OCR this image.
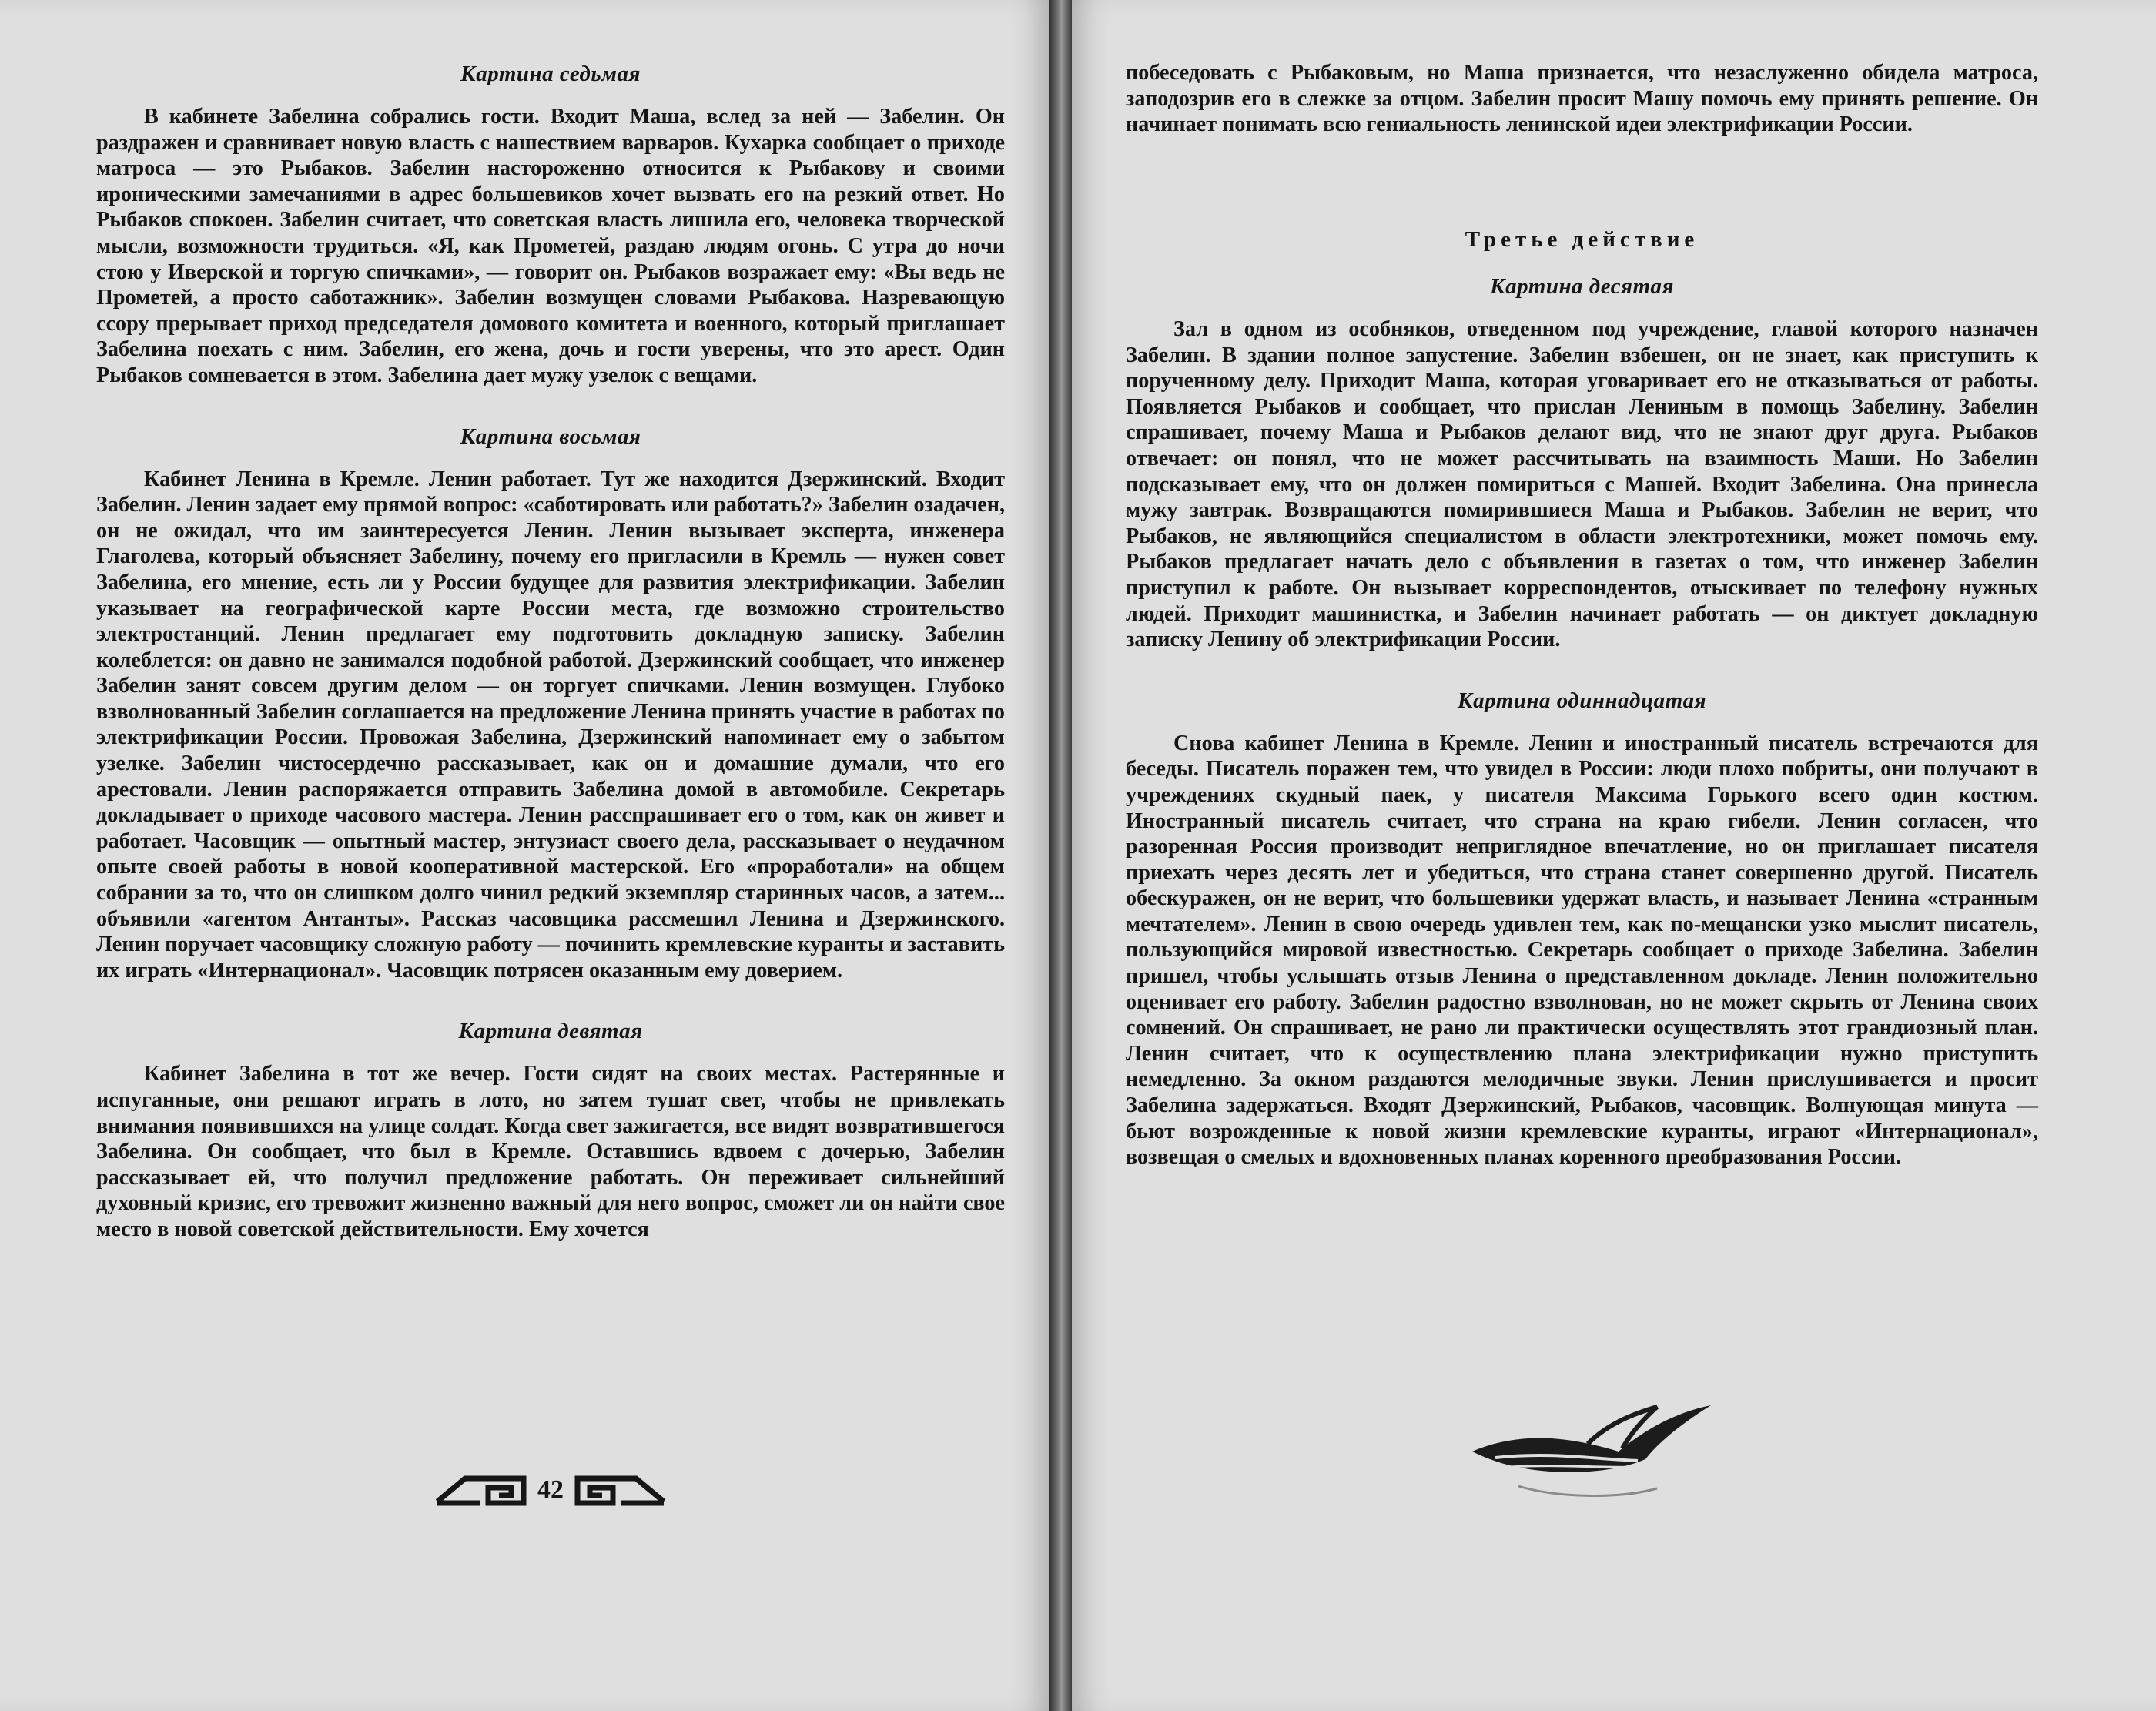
Картина седьмая
В кабинете Забелина собрались гости. Входит Маша, вслед за ней — Забелин. Он раздражен и сравнивает новую власть с нашествием варваров. Кухарка сообщает о приходе матроса — это Рыбаков. Забелин настороженно относится к Рыбакову и своими ироническими замечаниями в адрес большевиков хочет вызвать его на резкий ответ. Но Рыбаков спокоен. Забелин считает, что советская власть лишила его, человека творческой мысли, возможности трудиться. «Я, как Прометей, раздаю людям огонь. С утра до ночи стою у Иверской и торгую спичками», — говорит он. Рыбаков возражает ему: «Вы ведь не Прометей, а просто саботажник». Забелин возмущен словами Рыбакова. Назревающую ссору прерывает приход председателя домового комитета и военного, который приглашает Забелина поехать с ним. Забелин, его жена, дочь и гости уверены, что это арест. Один Рыбаков сомневается в этом. Забелина дает мужу узелок с вещами.
Картина восьмая
Кабинет Ленина в Кремле. Ленин работает. Тут же находится Дзержинский. Входит Забелин. Ленин задает ему прямой вопрос: «саботировать или работать?» Забелин озадачен, он не ожидал, что им заинтересуется Ленин. Ленин вызывает эксперта, инженера Глаголева, который объясняет Забелину, почему его пригласили в Кремль — нужен совет Забелина, его мнение, есть ли у России будущее для развития электрификации. Забелин указывает на географической карте России места, где возможно строительство электростанций. Ленин предлагает ему подготовить докладную записку. Забелин колеблется: он давно не занимался подобной работой. Дзержинский сообщает, что инженер Забелин занят совсем другим делом — он торгует спичками. Ленин возмущен. Глубоко взволнованный Забелин соглашается на предложение Ленина принять участие в работах по электрификации России. Провожая Забелина, Дзержинский напоминает ему о забытом узелке. Забелин чистосердечно рассказывает, как он и домашние думали, что его арестовали. Ленин распоряжается отправить Забелина домой в автомобиле. Секретарь докладывает о приходе часового мастера. Ленин расспрашивает его о том, как он живет и работает. Часовщик — опытный мастер, энтузиаст своего дела, рассказывает о неудачном опыте своей работы в новой кооперативной мастерской. Его «проработали» на общем собрании за то, что он слишком долго чинил редкий экземпляр старинных часов, а затем... объявили «агентом Антанты». Рассказ часовщика рассмешил Ленина и Дзержинского. Ленин поручает часовщику сложную работу — починить кремлевские куранты и заставить их играть «Интернационал». Часовщик потрясен оказанным ему доверием.
Картина девятая
Кабинет Забелина в тот же вечер. Гости сидят на своих местах. Растерянные и испуганные, они решают играть в лото, но затем тушат свет, чтобы не привлекать внимания появившихся на улице солдат. Когда свет зажигается, все видят возвратившегося Забелина. Он сообщает, что был в Кремле. Оставшись вдвоем с дочерью, Забелин рассказывает ей, что получил предложение работать. Он переживает сильнейший духовный кризис, его тревожит жизненно важный для него вопрос, сможет ли он найти свое место в новой советской действительности. Ему хочется
42
побеседовать с Рыбаковым, но Маша признается, что незаслуженно обидела матроса, заподозрив его в слежке за отцом. Забелин просит Машу помочь ему принять решение. Он начинает понимать всю гениальность ленинской идеи электрификации России.
Третье действие
Картина десятая
Зал в одном из особняков, отведенном под учреждение, главой которого назначен Забелин. В здании полное запустение. Забелин взбешен, он не знает, как приступить к порученному делу. Приходит Маша, которая уговаривает его не отказываться от работы. Появляется Рыбаков и сообщает, что прислан Лениным в помощь Забелину. Забелин спрашивает, почему Маша и Рыбаков делают вид, что не знают друг друга. Рыбаков отвечает: он понял, что не может рассчитывать на взаимность Маши. Но Забелин подсказывает ему, что он должен помириться с Машей. Входит Забелина. Она принесла мужу завтрак. Возвращаются помирившиеся Маша и Рыбаков. Забелин не верит, что Рыбаков, не являющийся специалистом в области электротехники, может помочь ему. Рыбаков предлагает начать дело с объявления в газетах о том, что инженер Забелин приступил к работе. Он вызывает корреспондентов, отыскивает по телефону нужных людей. Приходит машинистка, и Забелин начинает работать — он диктует докладную записку Ленину об электрификации России.
Картина одиннадцатая
Снова кабинет Ленина в Кремле. Ленин и иностранный писатель встречаются для беседы. Писатель поражен тем, что увидел в России: люди плохо побриты, они получают в учреждениях скудный паек, у писателя Максима Горького всего один костюм. Иностранный писатель считает, что страна на краю гибели. Ленин согласен, что разоренная Россия производит неприглядное впечатление, но он приглашает писателя приехать через десять лет и убедиться, что страна станет совершенно другой. Писатель обескуражен, он не верит, что большевики удержат власть, и называет Ленина «странным мечтателем». Ленин в свою очередь удивлен тем, как по-мещански узко мыслит писатель, пользующийся мировой известностью. Секретарь сообщает о приходе Забелина. Забелин пришел, чтобы услышать отзыв Ленина о представленном докладе. Ленин положительно оценивает его работу. Забелин радостно взволнован, но не может скрыть от Ленина своих сомнений. Он спрашивает, не рано ли практически осуществлять этот грандиозный план. Ленин считает, что к осуществлению плана электрификации нужно приступить немедленно. За окном раздаются мелодичные звуки. Ленин прислушивается и просит Забелина задержаться. Входят Дзержинский, Рыбаков, часовщик. Волнующая минута — бьют возрожденные к новой жизни кремлевские куранты, играют «Интернационал», возвещая о смелых и вдохновенных планах коренного преобразования России.
